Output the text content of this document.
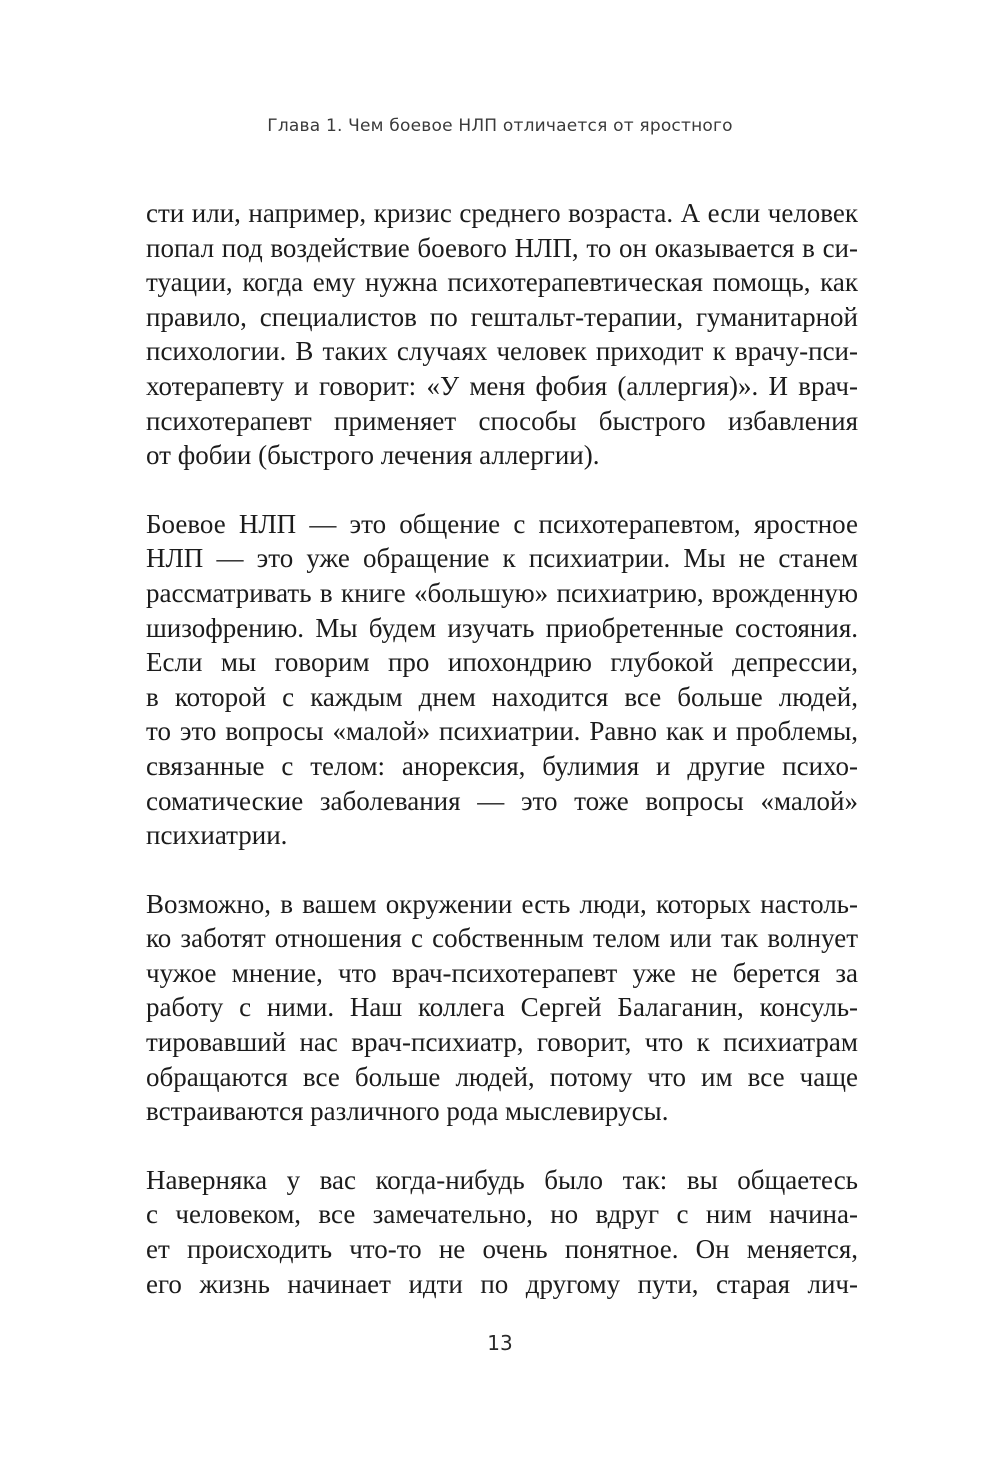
Глава 1. Чем боевое НЛП отличается от яростного
сти или, например, кризис среднего возраста. А если человек
попал под воздействие боевого НЛП, то он оказывается в си-
туации, когда ему нужна психотерапевтическая помощь, как
правило, специалистов по гештальт-терапии, гуманитарной
психологии. В таких случаях человек приходит к врачу-пси-
хотерапевту и говорит: «У меня фобия (аллергия)». И врач-
психотерапевт применяет способы быстрого избавления
от фобии (быстрого лечения аллергии).
Боевое НЛП — это общение с психотерапевтом, яростное
НЛП — это уже обращение к психиатрии. Мы не станем
рассматривать в книге «большую» психиатрию, врожденную
шизофрению. Мы будем изучать приобретенные состояния.
Если мы говорим про ипохондрию глубокой депрессии,
в которой с каждым днем находится все больше людей,
то это вопросы «малой» психиатрии. Равно как и проблемы,
связанные с телом: анорексия, булимия и другие психо-
соматические заболевания — это тоже вопросы «малой»
психиатрии.
Возможно, в вашем окружении есть люди, которых настоль-
ко заботят отношения с собственным телом или так волнует
чужое мнение, что врач-психотерапевт уже не берется за
работу с ними. Наш коллега Сергей Балаганин, консуль-
тировавший нас врач-психиатр, говорит, что к психиатрам
обращаются все больше людей, потому что им все чаще
встраиваются различного рода мыслевирусы.
Наверняка у вас когда-нибудь было так: вы общаетесь
с человеком, все замечательно, но вдруг с ним начина-
ет происходить что-то не очень понятное. Он меняется,
его жизнь начинает идти по другому пути, старая лич-
13
